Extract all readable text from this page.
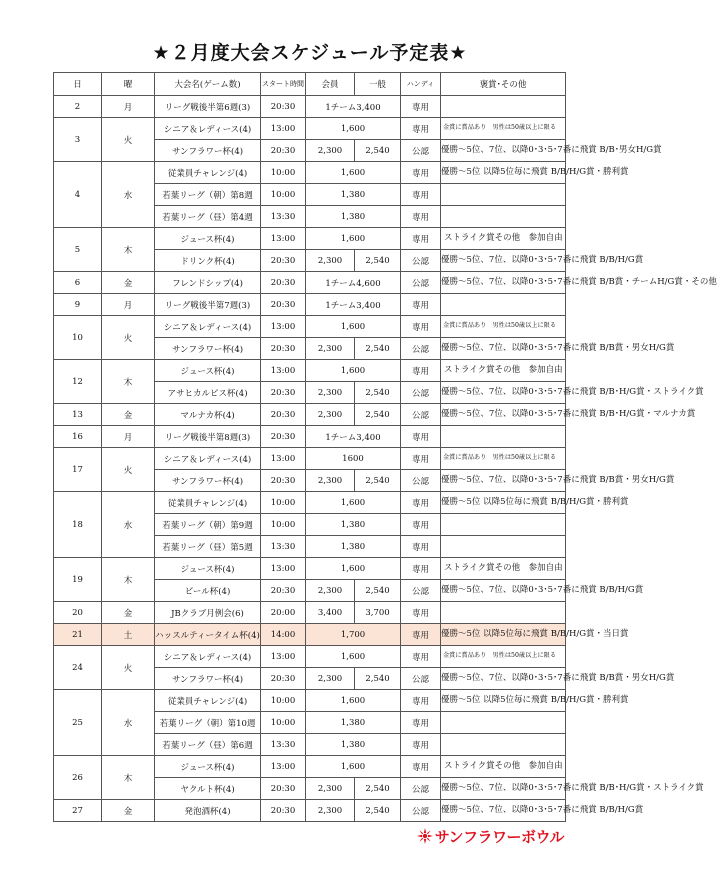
★２月度大会スケジュール予定表★
日	曜	大会名(ゲーム数)	スタート時間	会員	一般	ハンディ	褒賞･その他
2	月	リーグ戦後半第6週(3)	20:30	1チーム3,400		専用	
3	火	シニア＆レディース(4)	13:00	1,600		専用	金賞に賞品あり　男性は50歳以上に限る
		サンフラワー杯(4)	20:30	2,300	2,540	公認	優勝～5位、7位、以降0･3･5･7番に飛賞 B/B･男女H/G賞
4	水	従業員チャレンジ(4)	10:00	1,600		専用	優勝～5位 以降5位毎に飛賞 B/B/H/G賞・勝利賞
		若葉リーグ（朝）第8週	10:00	1,380		専用	
		若葉リーグ（昼）第4週	13:30	1,380		専用	
5	木	ジュース杯(4)	13:00	1,600		専用	ストライク賞その他　参加自由
		ドリンク杯(4)	20:30	2,300	2,540	公認	優勝～5位、7位、以降0･3･5･7番に飛賞 B/B/H/G賞
6	金	フレンドシップ(4)	20:30	1チーム4,600		公認	優勝～5位、7位、以降0･3･5･7番に飛賞 B/B賞・チームH/G賞・その他
9	月	リーグ戦後半第7週(3)	20:30	1チーム3,400		専用	
10	火	シニア＆レディース(4)	13:00	1,600		専用	金賞に賞品あり　男性は50歳以上に限る
		サンフラワー杯(4)	20:30	2,300	2,540	公認	優勝～5位、7位、以降0･3･5･7番に飛賞 B/B賞・男女H/G賞
12	木	ジュース杯(4)	13:00	1,600		専用	ストライク賞その他　参加自由
		アサヒカルピス杯(4)	20:30	2,300	2,540	公認	優勝～5位、7位、以降0･3･5･7番に飛賞 B/B･H/G賞・ストライク賞
13	金	マルナカ杯(4)	20:30	2,300	2,540	公認	優勝～5位、7位、以降0･3･5･7番に飛賞 B/B･H/G賞・マルナカ賞
16	月	リーグ戦後半第8週(3)	20:30	1チーム3,400		専用	
17	火	シニア＆レディース(4)	13:00	1600		専用	金賞に賞品あり　男性は50歳以上に限る
		サンフラワー杯(4)	20:30	2,300	2,540	公認	優勝～5位、7位、以降0･3･5･7番に飛賞 B/B賞・男女H/G賞
18	水	従業員チャレンジ(4)	10:00	1,600		専用	優勝～5位 以降5位毎に飛賞 B/B/H/G賞・勝利賞
		若葉リーグ（朝）第9週	10:00	1,380		専用	
		若葉リーグ（昼）第5週	13:30	1,380		専用	
19	木	ジュース杯(4)	13:00	1,600		専用	ストライク賞その他　参加自由
		ビール杯(4)	20:30	2,300	2,540	公認	優勝～5位、7位、以降0･3･5･7番に飛賞 B/B/H/G賞
20	金	JBクラブ月例会(6)	20:00	3,400	3,700	専用	
21	土	ハッスルティータイム杯(4)	14:00	1,700		専用	優勝～5位 以降5位毎に飛賞 B/B/H/G賞・当日賞
24	火	シニア＆レディース(4)	13:00	1,600		専用	金賞に賞品あり　男性は50歳以上に限る
		サンフラワー杯(4)	20:30	2,300	2,540	公認	優勝～5位、7位、以降0･3･5･7番に飛賞 B/B賞・男女H/G賞
25	水	従業員チャレンジ(4)	10:00	1,600		専用	優勝～5位 以降5位毎に飛賞 B/B/H/G賞・勝利賞
		若葉リーグ（朝）第10週	10:00	1,380		専用	
		若葉リーグ（昼）第6週	13:30	1,380		専用	
26	木	ジュース杯(4)	13:00	1,600		専用	ストライク賞その他　参加自由
		ヤクルト杯(4)	20:30	2,300	2,540	公認	優勝～5位、7位、以降0･3･5･7番に飛賞 B/B･H/G賞・ストライク賞
27	金	発泡酒杯(4)	20:30	2,300	2,540	公認	優勝～5位、7位、以降0･3･5･7番に飛賞 B/B/H/G賞
サンフラワーボウル
